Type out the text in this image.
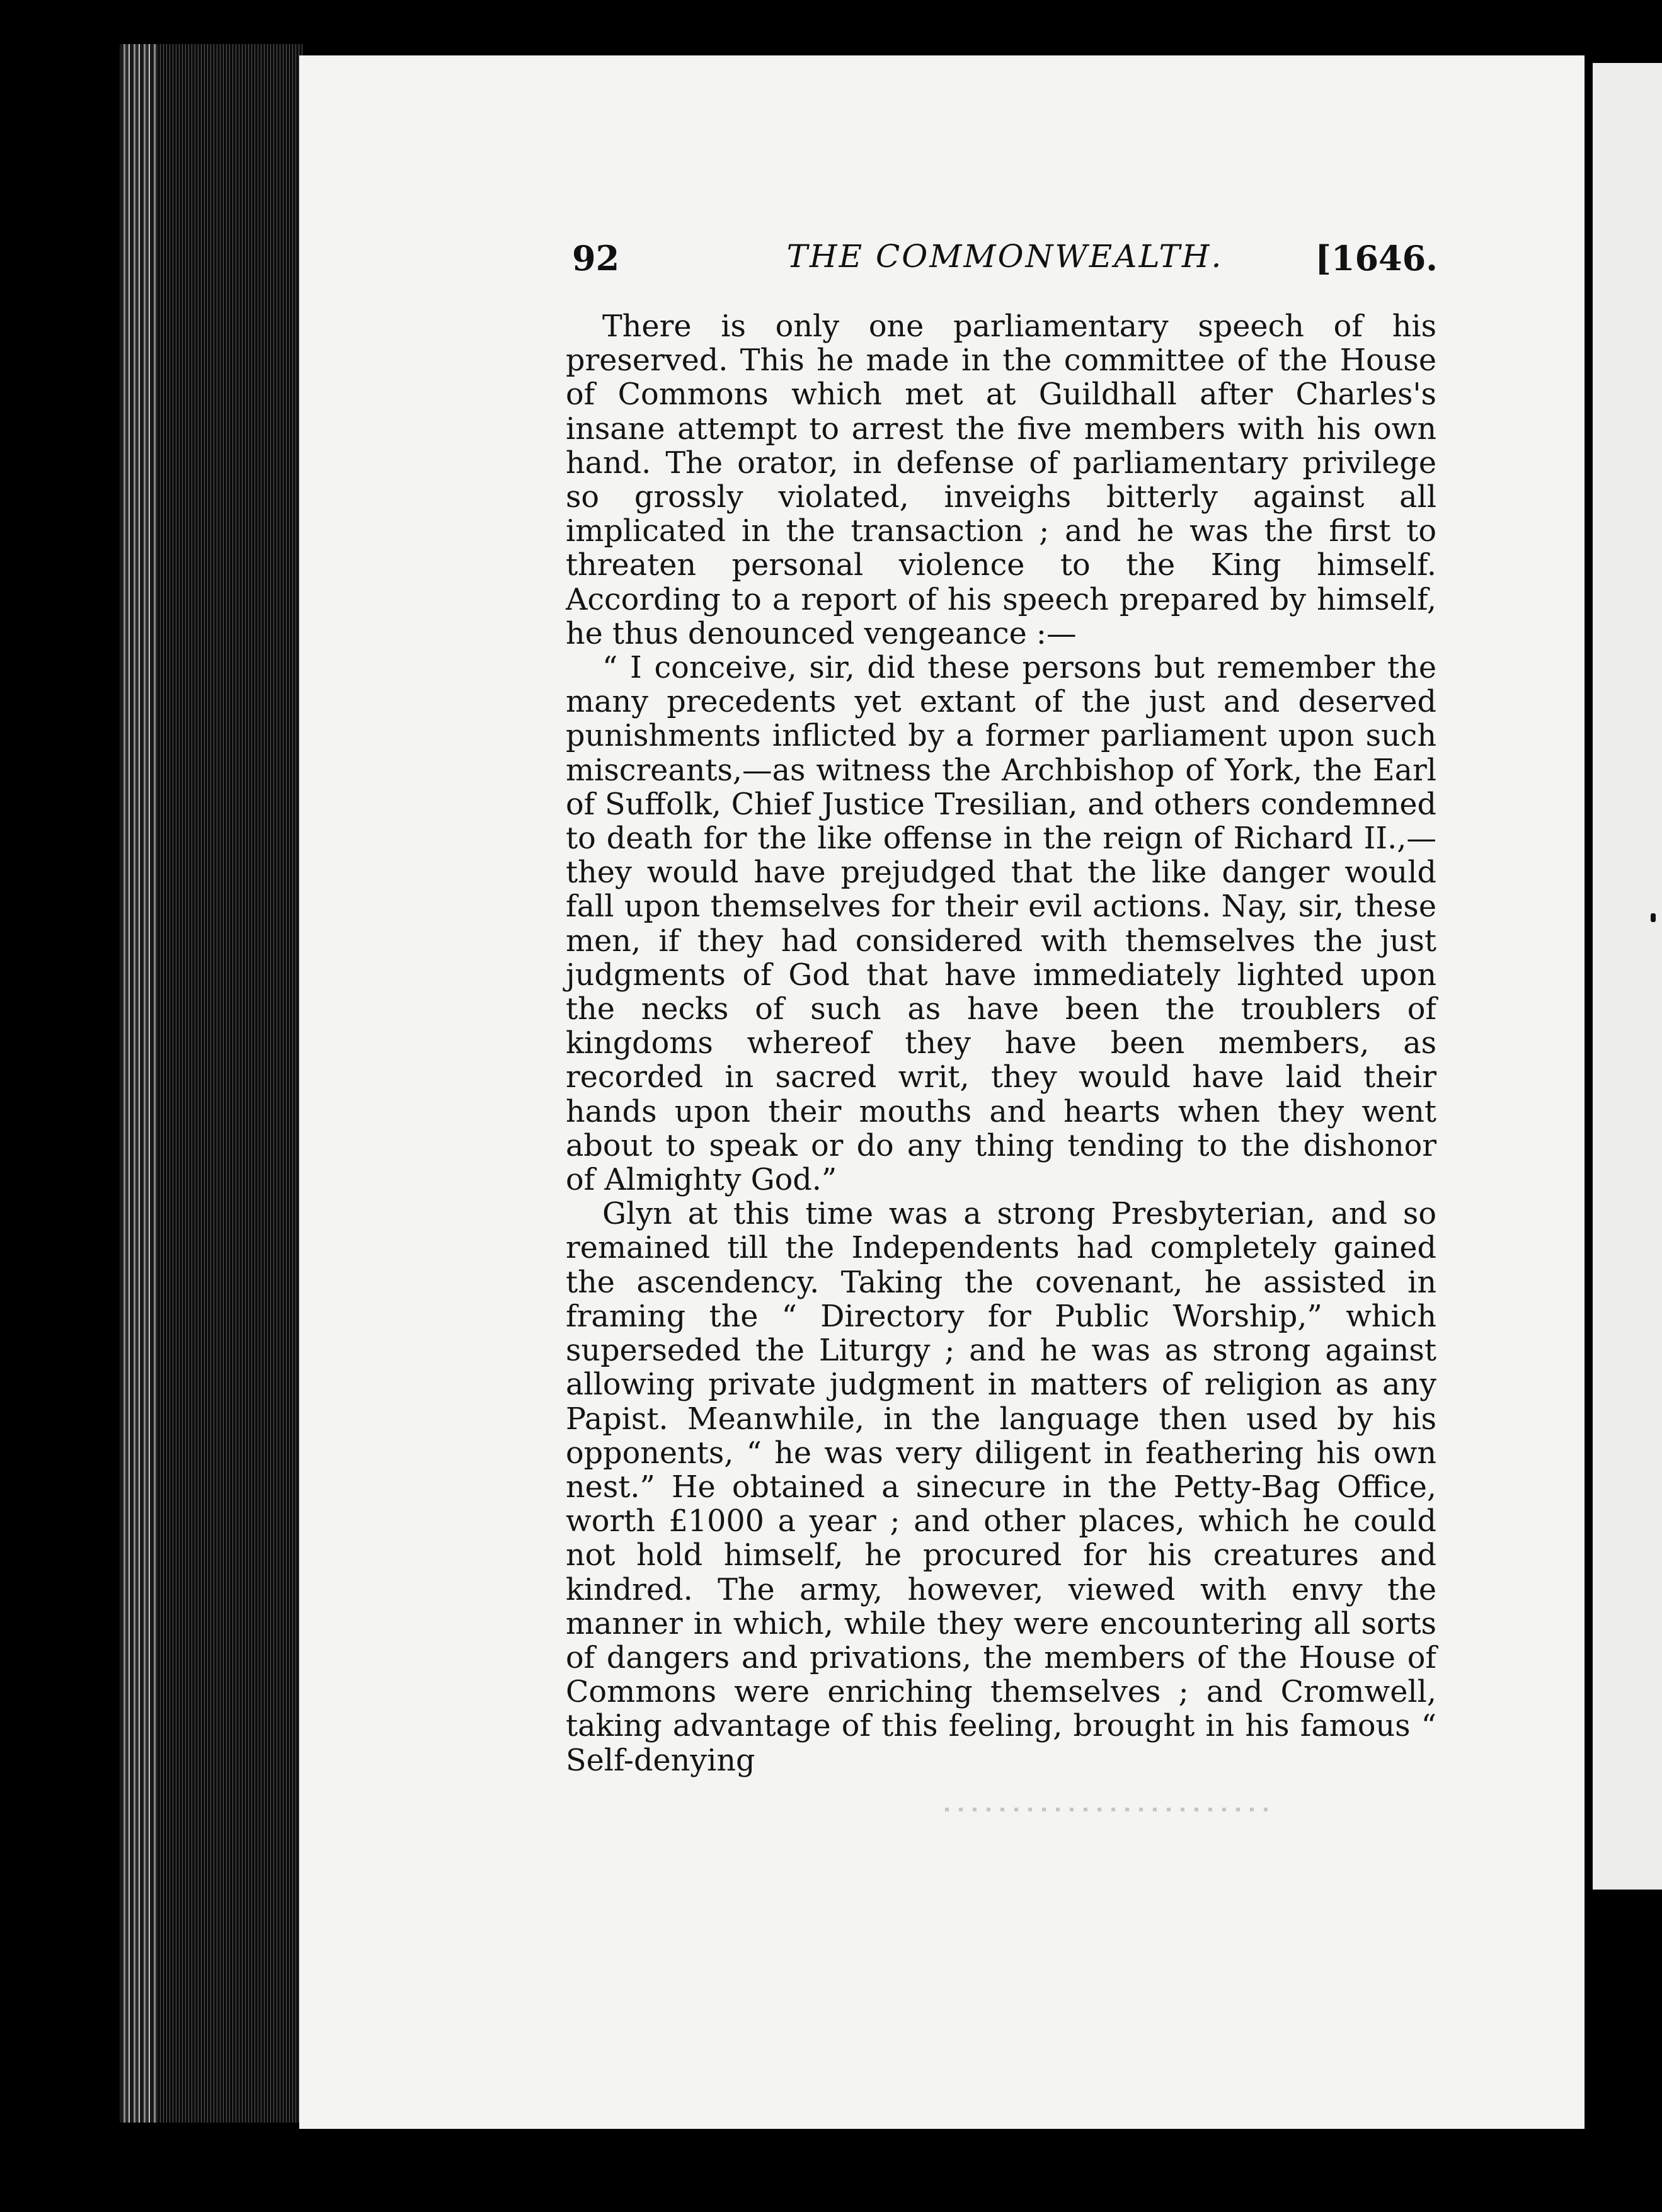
92	THE COMMONWEALTH.	[1646.

There is only one parliamentary speech of his preserved. This he made in the committee of the House of Commons which met at Guildhall after Charles's insane attempt to arrest the five members with his own hand. The orator, in defense of parliamentary privilege so grossly violated, inveighs bitterly against all implicated in the transaction ; and he was the first to threaten personal violence to the King himself. According to a report of his speech prepared by himself, he thus denounced vengeance :—

“ I conceive, sir, did these persons but remember the many precedents yet extant of the just and deserved punishments inflicted by a former parliament upon such miscreants,—as witness the Archbishop of York, the Earl of Suffolk, Chief Justice Tresilian, and others condemned to death for the like offense in the reign of Richard II.,—they would have prejudged that the like danger would fall upon themselves for their evil actions. Nay, sir, these men, if they had considered with themselves the just judgments of God that have immediately lighted upon the necks of such as have been the troublers of kingdoms whereof they have been members, as recorded in sacred writ, they would have laid their hands upon their mouths and hearts when they went about to speak or do any thing tending to the dishonor of Almighty God.”

Glyn at this time was a strong Presbyterian, and so remained till the Independents had completely gained the ascendency. Taking the covenant, he assisted in framing the “ Directory for Public Worship,” which superseded the Liturgy ; and he was as strong against allowing private judgment in matters of religion as any Papist. Meanwhile, in the language then used by his opponents, “ he was very diligent in feathering his own nest.” He obtained a sinecure in the Petty-Bag Office, worth £1000 a year ; and other places, which he could not hold himself, he procured for his creatures and kindred. The army, however, viewed with envy the manner in which, while they were encountering all sorts of dangers and privations, the members of the House of Commons were enriching themselves ; and Cromwell, taking advantage of this feeling, brought in his famous “ Self-denying
